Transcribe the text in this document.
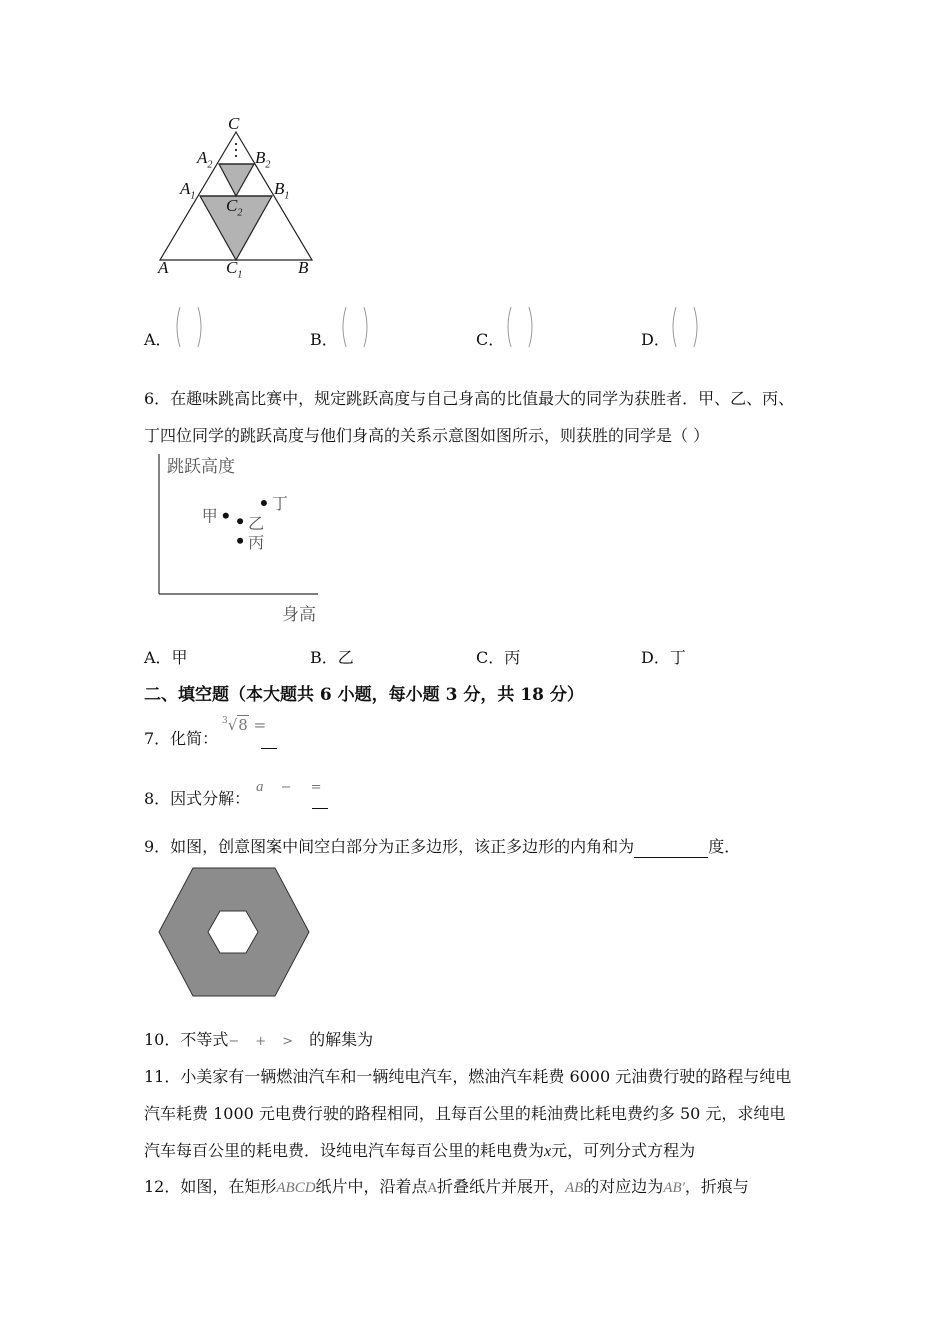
C
$A_2$	$B_2$
$A_1$	$B_1$
$C_2$
A	$C_1$	B
A．	B．	C．	D．
6．在趣味跳高比赛中，规定跳跃高度与自己身高的比值最大的同学为获胜者．甲、乙、丙、
丁四位同学的跳跃高度与他们身高的关系示意图如图所示，则获胜的同学是（ ）
跳跃高度
身高
甲 乙
丙
丁
A．甲	B．乙	C．丙	D．丁
二、填空题（本大题共 6 小题，每小题 3 分，共 18 分）
7．化简：
$^3$√8 =
8．因式分解：
a − =
9．如图，创意图案中间空白部分为正多边形，该正多边形的内角和为	度．
10．不等式− + > 的解集为
11．小美家有一辆燃油汽车和一辆纯电汽车，燃油汽车耗费 6000 元油费行驶的路程与纯电
汽车耗费 1000 元电费行驶的路程相同，且每百公里的耗油费比耗电费约多 50 元，求纯电
汽车每百公里的耗电费．设纯电汽车每百公里的耗电费为x元，可列分式方程为
12．如图，在矩形ABCD纸片中，沿着点A折叠纸片并展开，AB的对应边为AB′，折痕与
